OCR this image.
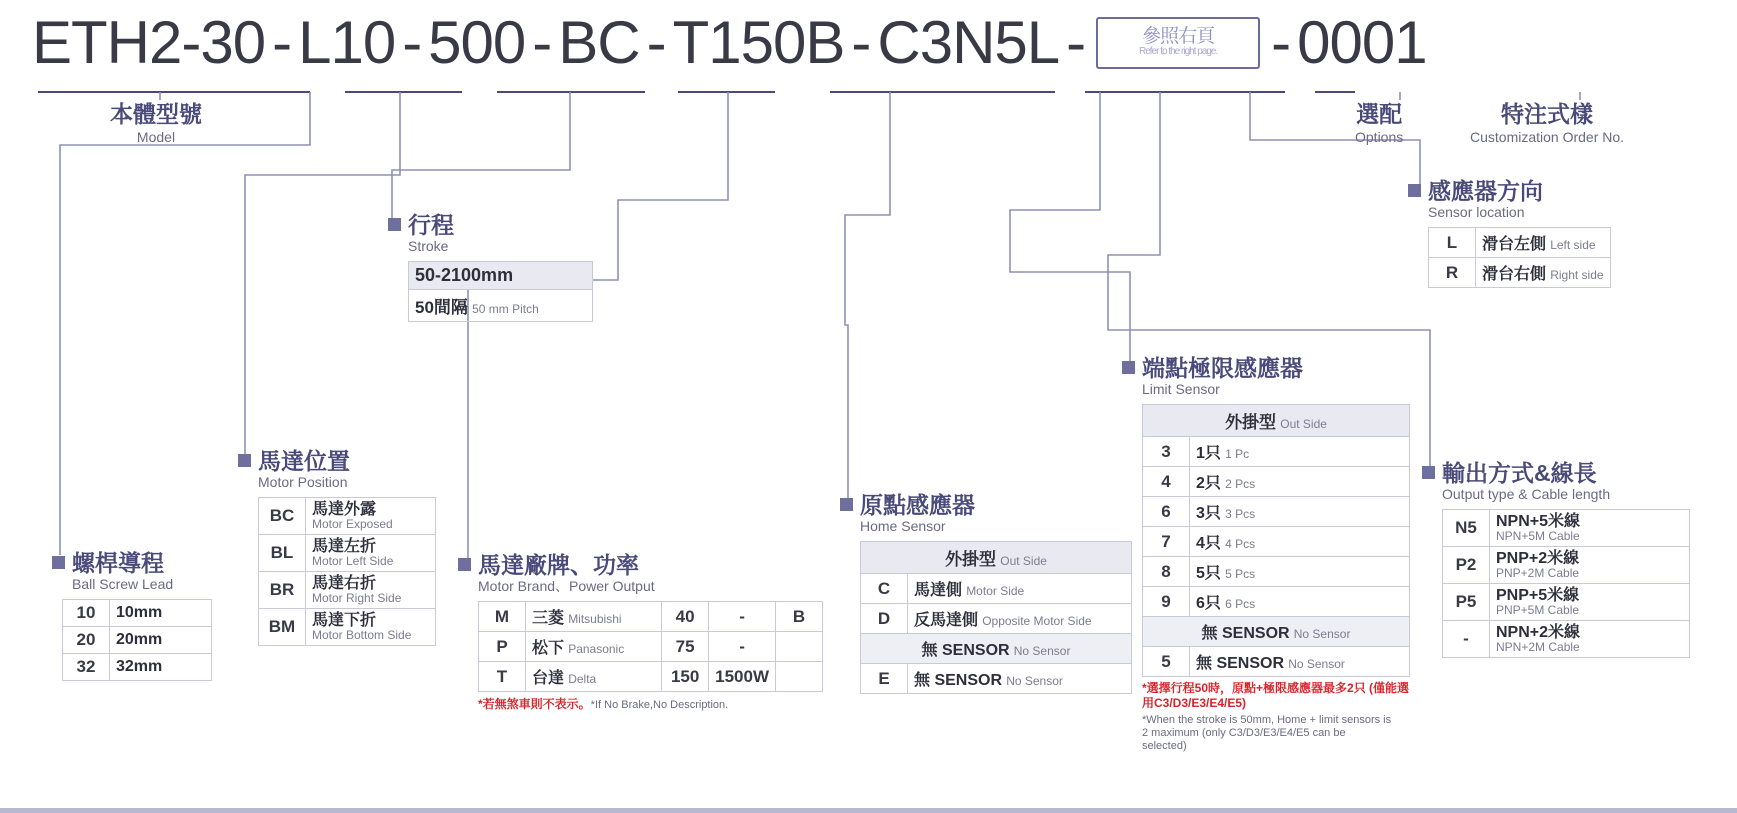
ETH2-30 - L10 - 500 - BC - T150B - C3N5L -	參照右頁
Refer to the right page. - 0001
本體型號
Model
選配
Options
特注式樣
Customization Order No.
感應器方向
Sensor location
L	滑台左側 Left side
R	滑台右側 Right side
行程
Stroke
50-2100mm
50間隔 50 mm Pitch
端點極限感應器
Limit Sensor
外掛型 Out Side	
3	1只 1 Pc
4	2只 2 Pcs
6	3只 3 Pcs
7	4只 4 Pcs
8	5只 5 Pcs
9	6只 6 Pcs
無 SENSOR No Sensor	
5	無 SENSOR No Sensor
*選擇行程50時，原點+極限感應器最多2只 (僅能選用C3/D3/E3/E4/E5)
*When the stroke is 50mm, Home + limit sensors is 2 maximum (only C3/D3/E3/E4/E5 can be selected)
輸出方式&線長
Output type & Cable length
N5	NPN+5米線
NPN+5M Cable

P2	PNP+2米線
PNP+2M Cable

P5	PNP+5米線
PNP+5M Cable

-	NPN+2米線
NPN+2M Cable
馬達位置
Motor Position
BC	馬達外露
Motor Exposed

BL	馬達左折
Motor Left Side

BR	馬達右折
Motor Right Side

BM	馬達下折
Motor Bottom Side
原點感應器
Home Sensor
外掛型 Out Side	
C	馬達側 Motor Side
D	反馬達側 Opposite Motor Side
無 SENSOR No Sensor	
E	無 SENSOR No Sensor
馬達廠牌、功率
Motor Brand、Power Output
M	三菱 Mitsubishi	40	-	B
P	松下 Panasonic	75	-	
T	台達 Delta	150	1500W	
*若無煞車則不表示。*If No Brake,No Description.
螺桿導程
Ball Screw Lead
10	10mm
20	20mm
32	32mm
